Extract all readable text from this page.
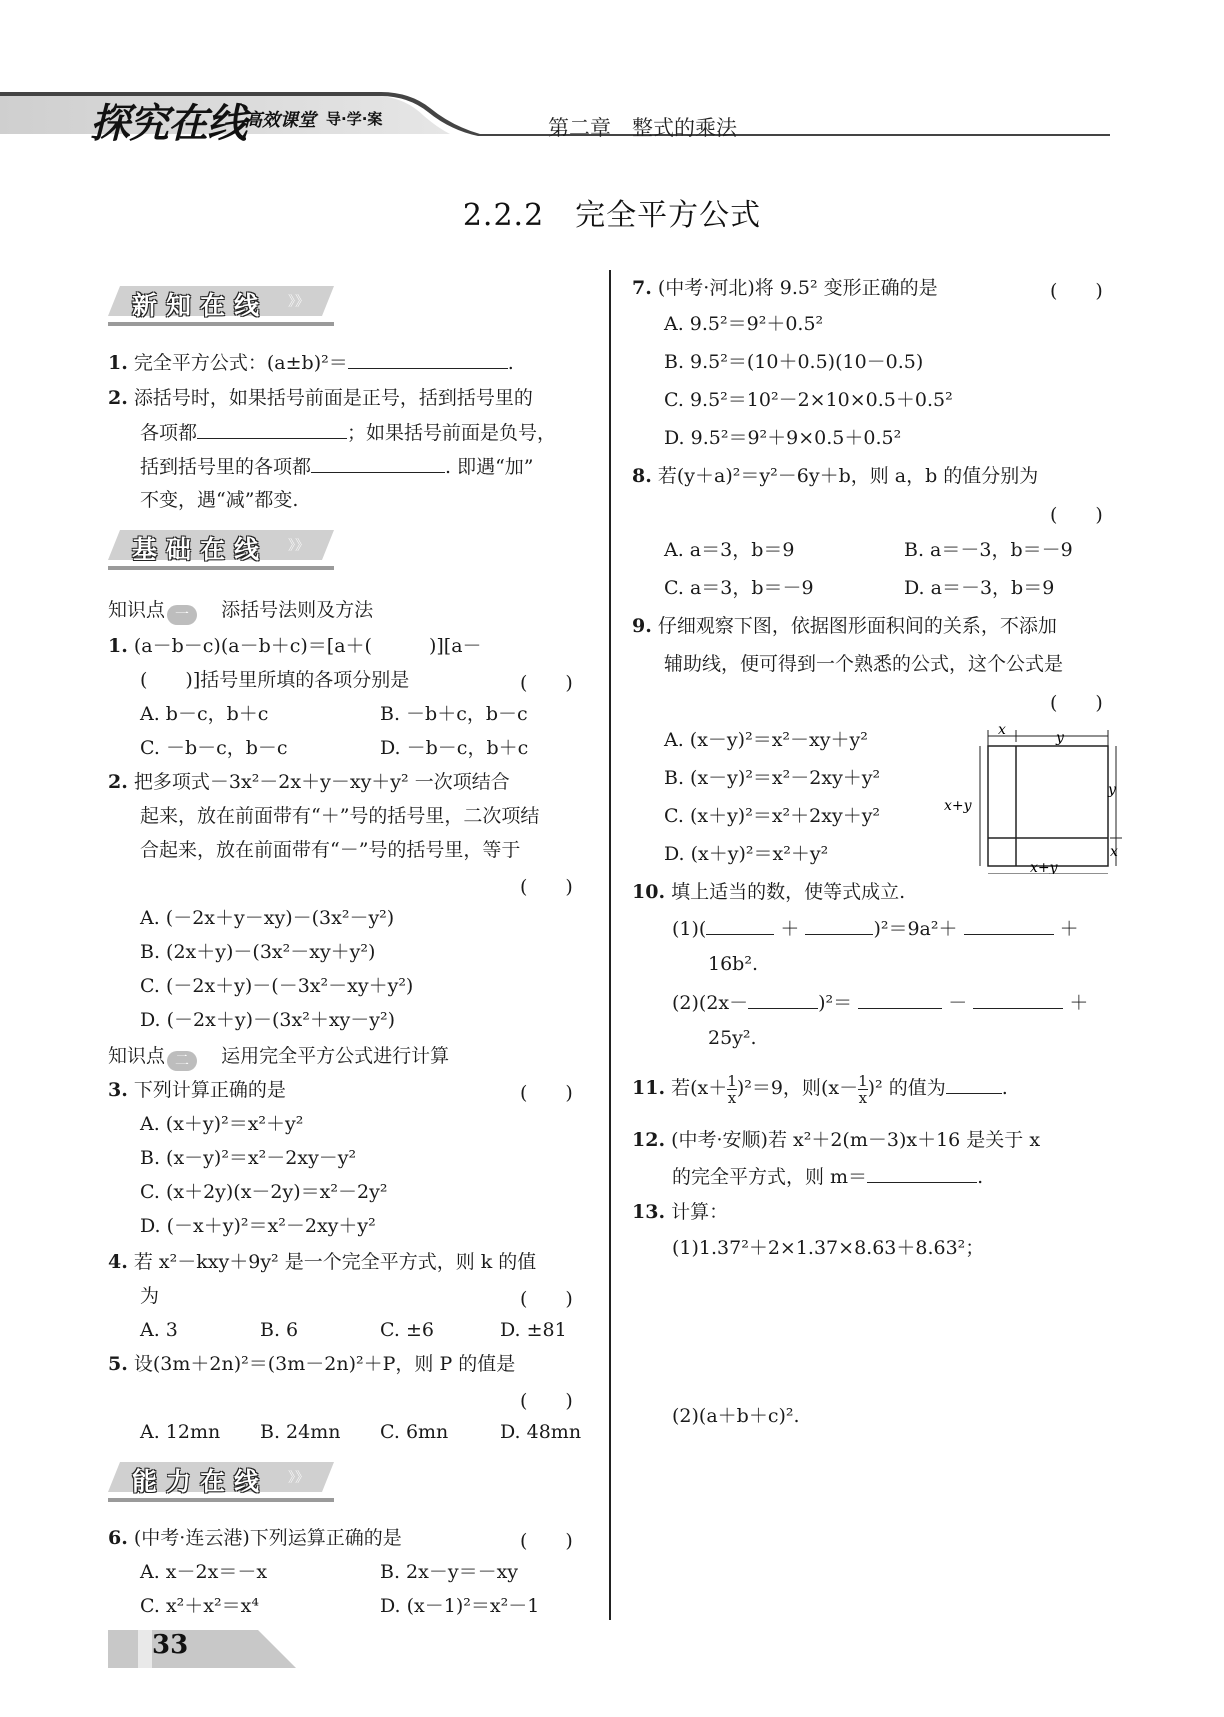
探究在线
高效课堂 导·学·案	第二章　整式的乘法
2.2.2　完全平方公式
》》
新知在线
1. 完全平方公式：(a±b)²＝	.
2. 添括号时，如果括号前面是正号，括到括号里的
各项都	；如果括号前面是负号，
括到括号里的各项都	. 即遇“加”
不变，遇“减”都变.
》》
基础在线
知识点 一 添括号法则及方法
1. (a－b－c)(a－b＋c)＝[a＋(　　　)][a－
(　　)]括号里所填的各项分别是	(　　)
A. b－c，b＋c	B. －b＋c，b－c
C. －b－c，b－c	D. －b－c，b＋c
2. 把多项式－3x²－2x＋y－xy＋y² 一次项结合
起来，放在前面带有“＋”号的括号里，二次项结
合起来，放在前面带有“－”号的括号里，等于
(　　)
A. (－2x＋y－xy)－(3x²－y²)
B. (2x＋y)－(3x²－xy＋y²)
C. (－2x＋y)－(－3x²－xy＋y²)
D. (－2x＋y)－(3x²＋xy－y²)
知识点 二 运用完全平方公式进行计算
3. 下列计算正确的是	(　　)
A. (x＋y)²＝x²＋y²
B. (x－y)²＝x²－2xy－y²
C. (x＋2y)(x－2y)＝x²－2y²
D. (－x＋y)²＝x²－2xy＋y²
4. 若 x²－kxy＋9y² 是一个完全平方式，则 k 的值
为	(　　)
A. 3	B. 6	C. ±6	D. ±81
5. 设(3m＋2n)²＝(3m－2n)²＋P，则 P 的值是
(　　)
A. 12mn B. 24mn C. 6mn	D. 48mn
》》
能力在线
6. (中考·连云港)下列运算正确的是	(　　)
A. x－2x＝－x	B. 2x－y＝－xy
C. x²＋x²＝x⁴	D. (x－1)²＝x²－1
7. (中考·河北)将 9.5² 变形正确的是	(　　)
A. 9.5²＝9²＋0.5²
B. 9.5²＝(10＋0.5)(10－0.5)
C. 9.5²＝10²－2×10×0.5＋0.5²
D. 9.5²＝9²＋9×0.5＋0.5²
8. 若(y＋a)²＝y²－6y＋b，则 a，b 的值分别为
(　　)
A. a＝3，b＝9	B. a＝－3，b＝－9
C. a＝3，b＝－9	D. a＝－3，b＝9
9. 仔细观察下图，依据图形面积间的关系，不添加
辅助线，便可得到一个熟悉的公式，这个公式是
(　　)
A. (x－y)²＝x²－xy＋y²
B. (x－y)²＝x²－2xy＋y²
C. (x＋y)²＝x²＋2xy＋y²
D. (x＋y)²＝x²＋y²
x	y
x+y
y
x
x+y
10. 填上适当的数，使等式成立.
(1)(	＋	)²＝9a²＋	＋
16b².
(2)(2x－	)²＝	－	＋
25y².
11. 若$(x+ \frac{1}{x} )^2=9$，则$(x- \frac{1}{x} )^2$ 的值为	.
12. (中考·安顺)若 x²＋2(m－3)x＋16 是关于 x
的完全平方式，则 m＝	.
13. 计算：
(1)1.37²＋2×1.37×8.63＋8.63²；
(2)(a＋b＋c)².
33
